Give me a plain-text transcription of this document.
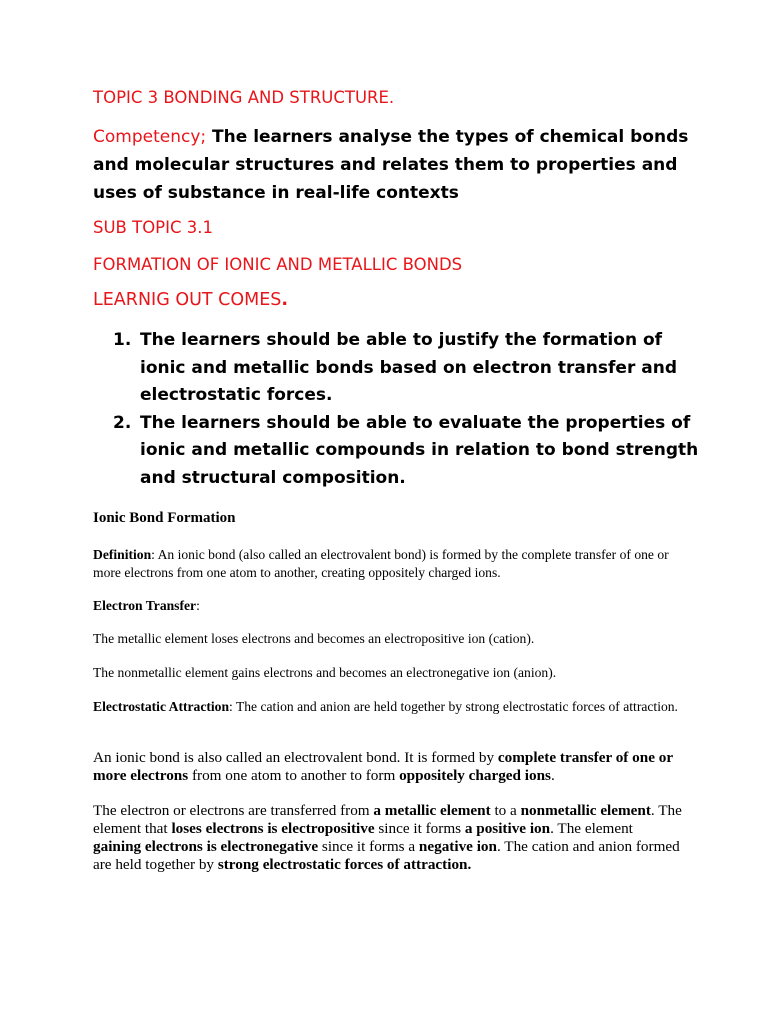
TOPIC 3 BONDING AND STRUCTURE.
Competency; The learners analyse the types of chemical bonds and molecular structures and relates them to properties and uses of substance in real-life contexts
SUB TOPIC 3.1
FORMATION OF IONIC AND METALLIC BONDS
LEARNIG OUT COMES.
1. The learners should be able to justify the formation of ionic and metallic bonds based on electron transfer and electrostatic forces.
2. The learners should be able to evaluate the properties of ionic and metallic compounds in relation to bond strength and structural composition.
Ionic Bond Formation
Definition: An ionic bond (also called an electrovalent bond) is formed by the complete transfer of one or more electrons from one atom to another, creating oppositely charged ions.
Electron Transfer:
The metallic element loses electrons and becomes an electropositive ion (cation).
The nonmetallic element gains electrons and becomes an electronegative ion (anion).
Electrostatic Attraction: The cation and anion are held together by strong electrostatic forces of attraction.
An ionic bond is also called an electrovalent bond. It is formed by complete transfer of one or more electrons from one atom to another to form oppositely charged ions.
The electron or electrons are transferred from a metallic element to a nonmetallic element. The element that loses electrons is electropositive since it forms a positive ion. The element gaining electrons is electronegative since it forms a negative ion. The cation and anion formed are held together by strong electrostatic forces of attraction.
